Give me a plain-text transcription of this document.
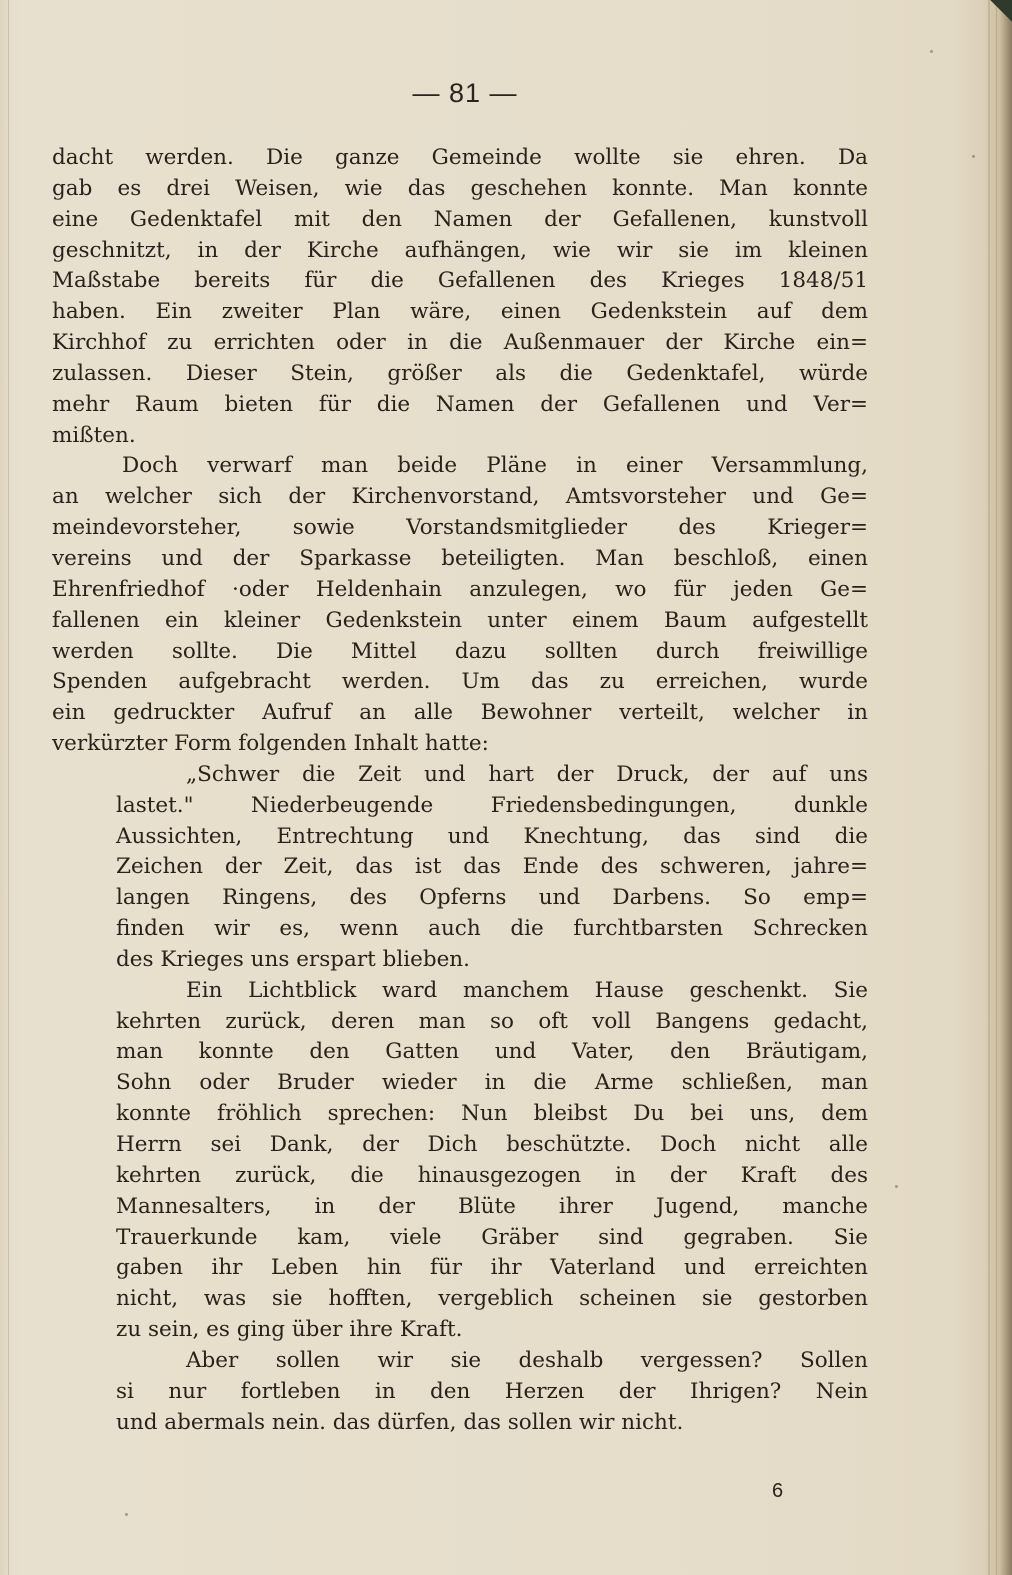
— 81 —
dacht werden. Die ganze Gemeinde wollte sie ehren. Da
gab es drei Weisen, wie das geschehen konnte. Man konnte
eine Gedenktafel mit den Namen der Gefallenen, kunstvoll
geschnitzt, in der Kirche aufhängen, wie wir sie im kleinen
Maßstabe bereits für die Gefallenen des Krieges 1848/51
haben. Ein zweiter Plan wäre, einen Gedenkstein auf dem
Kirchhof zu errichten oder in die Außenmauer der Kirche ein=
zulassen. Dieser Stein, größer als die Gedenktafel, würde
mehr Raum bieten für die Namen der Gefallenen und Ver=
mißten.
Doch verwarf man beide Pläne in einer Versammlung,
an welcher sich der Kirchenvorstand, Amtsvorsteher und Ge=
meindevorsteher, sowie Vorstandsmitglieder des Krieger=
vereins und der Sparkasse beteiligten. Man beschloß, einen
Ehrenfriedhof ·oder Heldenhain anzulegen, wo für jeden Ge=
fallenen ein kleiner Gedenkstein unter einem Baum aufgestellt
werden sollte. Die Mittel dazu sollten durch freiwillige
Spenden aufgebracht werden. Um das zu erreichen, wurde
ein gedruckter Aufruf an alle Bewohner verteilt, welcher in
verkürzter Form folgenden Inhalt hatte:
„Schwer die Zeit und hart der Druck, der auf uns
lastet." Niederbeugende Friedensbedingungen, dunkle
Aussichten, Entrechtung und Knechtung, das sind die
Zeichen der Zeit, das ist das Ende des schweren, jahre=
langen Ringens, des Opferns und Darbens. So emp=
finden wir es, wenn auch die furchtbarsten Schrecken
des Krieges uns erspart blieben.
Ein Lichtblick ward manchem Hause geschenkt. Sie
kehrten zurück, deren man so oft voll Bangens gedacht,
man konnte den Gatten und Vater, den Bräutigam,
Sohn oder Bruder wieder in die Arme schließen, man
konnte fröhlich sprechen: Nun bleibst Du bei uns, dem
Herrn sei Dank, der Dich beschützte. Doch nicht alle
kehrten zurück, die hinausgezogen in der Kraft des
Mannesalters, in der Blüte ihrer Jugend, manche
Trauerkunde kam, viele Gräber sind gegraben. Sie
gaben ihr Leben hin für ihr Vaterland und erreichten
nicht, was sie hofften, vergeblich scheinen sie gestorben
zu sein, es ging über ihre Kraft.
Aber sollen wir sie deshalb vergessen? Sollen
si nur fortleben in den Herzen der Ihrigen? Nein
und abermals nein. das dürfen, das sollen wir nicht.
6
